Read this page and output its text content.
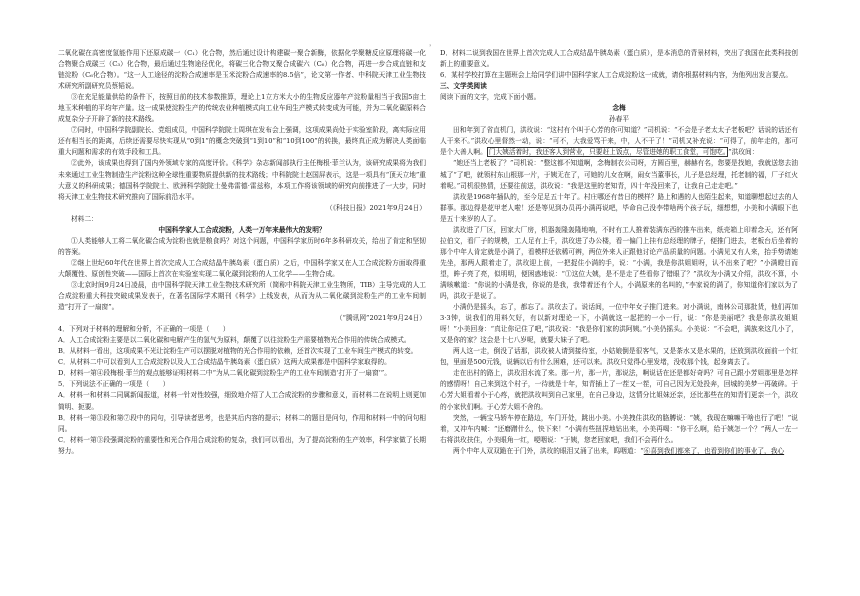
，

二氧化碳在高密度氢能作用下还原成碳一（C₁）化合物，然后通过设计构建碳一聚合新酶，依据化学聚糖反应原理将碳一化合物聚合成碳三（C₃）化合物，最后通过生物途径优化，将碳三化合物又聚合成碳六（C₆）化合物，再进一步合成直链和支链淀粉（C₆化合物）。“这一人工途径的淀粉合成速率是玉米淀粉合成速率的8.5倍”，论文第一作者、中科院天津工业生物技术研究所副研究员蔡韬说。

③在充足能量供给的条件下，按照目前的技术参数推算，理论上1立方米大小的生物反应器年产淀粉量相当于我国5亩土地玉米种植的平均年产量。这一成果使淀粉生产的传统农业种植模式向工业车间生产模式转变成为可能，并为二氧化碳原料合成复杂分子开辟了新的技术路线。

⑦同时，中国科学院副院长、党组成员，中国科学院院士周琪在发布会上强调，这项成果尚处于实验室阶段，离实际应用还有相当长的距离，后续还需要尽快实现从“0到1”的概念突破到“1到10”和“10到100”的转换，最终真正成为解决人类面临重大问题和需求的有效手段和工具。

②此外，该成果也得到了国内外领域专家的高度评价。《科学》杂志新闻部执行主任梅根·菲兰认为，该研究成果将为我们未来通过工业生物制造生产淀粉这种全球性重要物质提供新的技术路线；中科院院士赵国屏表示，这是一项具有“顶天立地”重大意义的科研成果；德国科学院院士、欧洲科学院院士曼弗雷德·雷兹称，本项工作将该领域的研究向前推进了一大步，同时将天津工业生物技术研究推向了国际前沿水平。

（《科技日报》2021年9月24日）

材料二：

中国科学家人工合成淀粉，人类一万年来最伟大的发明？

①人类能够人工将二氧化碳合成为淀粉也就是粮食吗？对这个问题，中国科学家历时6年多科研攻关，给出了肯定和坚韧的答案。

②继上世纪60年代在世界上首次完成人工合成结晶牛胰岛素（蛋白质）之后，中国科学家又在人工合成淀粉方面取得重大颠覆性、原创性突破——国际上首次在实验室实现二氧化碳到淀粉的人工化学——生物合成。

③北京时间9月24日凌晨，由中国科学院天津工业生物技术研究所（简称中科院天津工业生物所，TIB）主导完成的人工合成淀粉重大科技突破成果发表于，在著名国际学术期刊《科学》上线发表，从而为从二氧化碳到淀粉生产的工业车间制造“打开了一扇窗”。

（“腾讯网”2021年9月24日）

4．下列对于材料的理解和分析，不正确的一项是（　　）

A．人工合成淀粉主要是以二氧化碳和电解产生的氢气为原料，颠覆了以往淀粉生产需要植物光合作用的传统合成模式。

B．从材料一看出，这项成果不光让淀粉生产可以摆脱对植物的光合作用的依赖，还首次实现了工业车间生产模式的转变。

C．从材料二中可以看到人工合成淀粉以及人工合成结晶牛胰岛素（蛋白质）这两大成果都是中国科学家取得的。

D．材料一第④段梅根·菲兰的观点能够证明材料二中“为从二氧化碳到淀粉生产的工业车间制造‘打开了一扇窗’”。

5．下列说法不正确的一项是（　　）

A．材料一和材料二同属新闻报道，材料一针对性较强，细致地介绍了人工合成淀粉的步骤和意义，而材料二在说明上则更加简明、扼要。

B．材料一第③段和第⑦段中的同句，引导读者思考，也是其后内容的提示；材料二的题目是问句，作用和材料一中的问句相同。

C．材料一第③段强调淀粉的重要性和光合作用合成淀粉的复杂，我们可以看出，为了提高淀粉的生产效率，科学家做了长期努力。

D．材料二说到我国在世界上首次完成人工合成结晶牛胰岛素（蛋白质），是本消息的背景材料，突出了我国在此类科技创新上的重要意义。

6．某村学校打算在主题班会上给同学们讲中国科学家人工合成淀粉这一成就，请你根据材料内容，为他列出发言要点。

三、文学类阅读

阅读下面的文字，完成下面小题。

念梅

孙春平

田和年到了省直机门，洪玫说：“这村有个叫于心芳的你可知道？”司机说：“不会是子老太太子老板吧？话说的话还有人干来不。”洪玫心里督然一动，说：“可不，大我爱骂干来，中，人不干了！”司机又补充说：“可得了，前年走的，那可是个大善人啊。 门大姨活着时，我还客人到营业，只要赶上饭点，尽管进她的职工食堂，可饱吃。 ”洪玫间：

“她还当上老板了？”司机说：“整这都不知道啊，念梅制衣公司呀，方圆百里，赫赫有名，您要是找她，我就送您去油城了“了吧，就领村东山根那一片，于姨无在了，可她的儿女在啊，闹女当董事长，儿子是总经理，托老制的福，厂子红火着呢。”司机很热情，还要往前送，洪玫说：“我是这里的老知青，四十年没回来了，让我自己走走吧。”

洪玫是1968年插队的，至今足足五十年了。村庄哪还有昔日的模样？路上和遇的人也陌生起来，知道聊想起过去的人群事。那边得是花甲老人啦！还是等见到办员再小满再说吧，毕命自己没李带啥两个孩子玩，细想想，小美和小满眼下也是五十来岁的人了。

洪玫进了厂区，回家大厂房，机器轰隆轰隆地响，不时有工人推着装满东西的推车出来，纸壳箱上印着念天，还有阿拉伯文，看厂子的规模，工人足有上千，洪玫进了办公楼，看一偏门上挂有总经理的牌子，便推门进去，老板台后坐着的那个中年人肯定就是小满了，看模样还依稀可辨，两位外来人正跟他讨论产品质量的问题。小满见又有人来，抬手势请她先坐，那两人跟着走了，洪玫迎上前，一把捉住小满的手，说：“小满，我是你洪姐姐呀，认不出来了吧？”小满瞪目而望，眸子亮了亮，似明明，便困惑地说：“①这位大姨，是不是走了些看你了错眼了？”洪玫为小满又介绍，洪玫不算，小满咳嗽道：“你说的小满是我，你说的是我，我带着还有个人，小满原来的名叫的，”李家说的满了，你知道你们家以为了吗，洪玫于是说了。

小满仍是摇头，忘了，都忘了。洪玫去了。说话间，一位中年女子推门进来。对小满说，南林公司那批货，他们再加3·3钟，说我们的用料欠好，有以新对理论一下，小满就这一起把的一小一行，说：“你是美丽吧？我是你洪玫姐姐呀！”小美回身：“真让你记住了吧，”洪玫说：“我是你们家的洪阿姨。”小美仍摇头。小美说：“不会吧，满族来这几小了，又是你的家？这会是十七八岁呢，就要大妹子了吧。

两人这一走，倒没了话那，洪玫被人请到接待室，小姑娘倒是很客气，又是茶水又是水果的，还放到洪玫面前一个红包，里面是500元钱，说辆以后有什么困难，还可以来。洪玫只觉得心里发堵，没收那个钱，起身离去了。

走在出村的路上，洪玫泪水流了来。那一片，那一片，那说法，啊说话在还是都好奇吗？可自己跟小芳姐那里是怎样的感情呀！自己来到这个村子，一待就是十年，知青插上了一茬又一茬，可自己因为无处投奔，回城的美梦一再破碎。于心芳大姐看着小于心疼，就把洪玫叫到自己家里，在自己身边，这情分比姐妹还亲，还比那些在的知青们更亲一个，洪玫的小家伙们啊。于心芳大姐不舍的。

突然，一辆宝马轿车停在路边，车门开处，跳出小美。小美拽住洪玫的胳膊说：“姨，我现在嘛嘛干啥也行了吧！”说着，又冲车内喊：“还磨蹭什么，快下来！”小满有些扭捏地钻出来，小美再喝：“你干么啊，给于姨怎一个？”两人一左一右将洪玫扶住，小美眼角一红，哽咽说：“于姨，您老回家吧，我们不会再什么。

两个中年人双双跪在于门外，洪玫的眼泪又涌了出来，呜咽道：“⑥喜到我们都来了，也看到你们的事业了，我心
